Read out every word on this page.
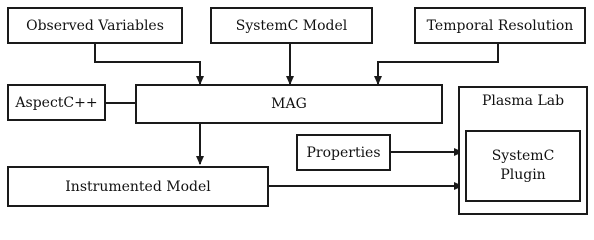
Observed Variables	SystemC Model	Temporal Resolution
AspectC++	MAG
Properties
Instrumented Model
Plasma Lab
SystemC
Plugin
